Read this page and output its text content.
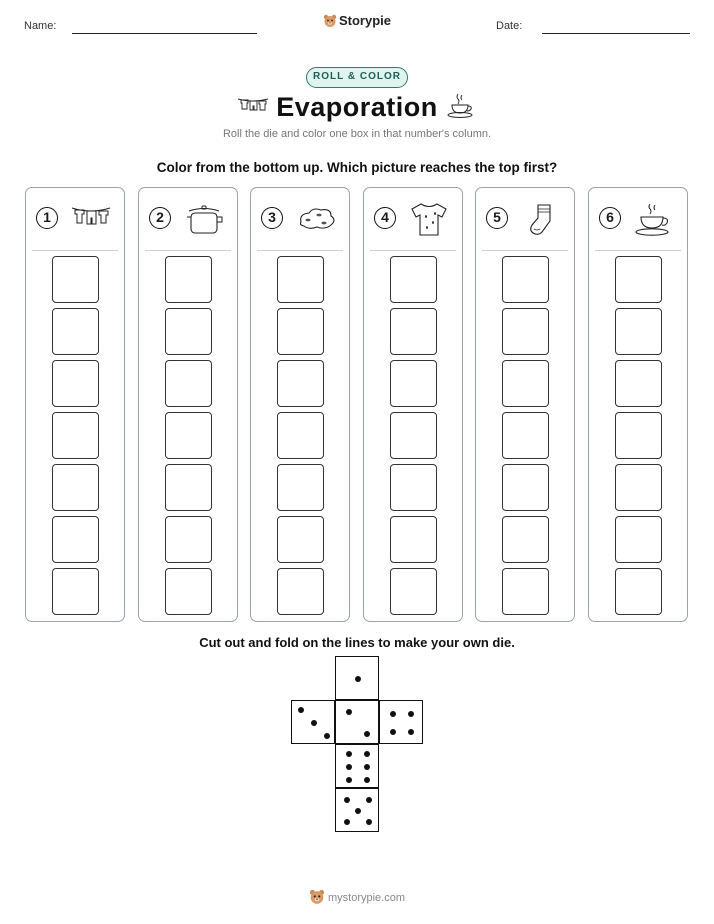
Name:	Storypie	Date:
ROLL & COLOR
Evaporation
Roll the die and color one box in that number's column.
Color from the bottom up. Which picture reaches the top first?
1	2	3	4	5	6
Cut out and fold on the lines to make your own die.
mystorypie.com
